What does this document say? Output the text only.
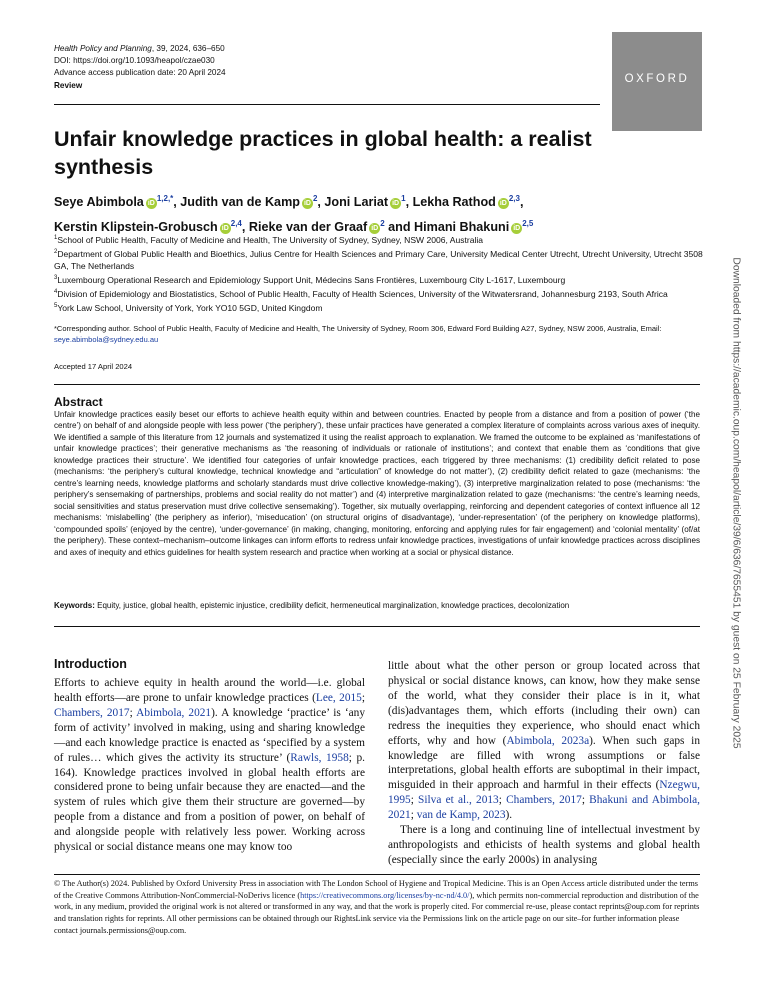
Health Policy and Planning, 39, 2024, 636–650
DOI: https://doi.org/10.1093/heapol/czae030
Advance access publication date: 20 April 2024
Review
OXFORD
Unfair knowledge practices in global health: a realist synthesis
Seye Abimbola $iD^{1,2,*}$, Judith van de Kamp $iD^2$, Joni Lariat $iD^1$, Lekha Rathod iD$^{2,3}$,
Kerstin Klipstein-Grobusch iD$^{2,4}$, Rieke van der Graaf $iD^2$ and Himani Bhakuni iD$^{2,5}$
$^1$School of Public Health, Faculty of Medicine and Health, The University of Sydney, Sydney, NSW 2006, Australia
$^2$Department of Global Public Health and Bioethics, Julius Centre for Health Sciences and Primary Care, University Medical Center Utrecht, Utrecht University, Utrecht 3508 GA, The Netherlands
$^3$Luxembourg Operational Research and Epidemiology Support Unit, Médecins Sans Frontières, Luxembourg City L-1617, Luxembourg
$^4$Division of Epidemiology and Biostatistics, School of Public Health, Faculty of Health Sciences, University of the Witwatersrand, Johannesburg 2193, South Africa
$^5$York Law School, University of York, York YO10 5GD, United Kingdom
*Corresponding author. School of Public Health, Faculty of Medicine and Health, The University of Sydney, Room 306, Edward Ford Building A27, Sydney, NSW 2006, Australia, Email: seye.abimbola@sydney.edu.au
Accepted 17 April 2024
Abstract
Unfair knowledge practices easily beset our efforts to achieve health equity within and between countries. Enacted by people from a distance and from a position of power (‘the centre’) on behalf of and alongside people with less power (‘the periphery’), these unfair practices have generated a complex literature of complaints across various axes of inequity. We identified a sample of this literature from 12 journals and systematized it using the realist approach to explanation. We framed the outcome to be explained as ‘manifestations of unfair knowledge practices’; their generative mechanisms as ‘the reasoning of individuals or rationale of institutions’; and context that enable them as ‘conditions that give knowledge practices their structure’. We identified four categories of unfair knowledge practices, each triggered by three mechanisms: (1) credibility deficit related to pose (mechanisms: ‘the periphery’s cultural knowledge, technical knowledge and “articulation” of knowledge do not matter’), (2) credibility deficit related to gaze (mechanisms: ‘the centre’s learning needs, knowledge platforms and scholarly standards must drive collective knowledge-making’), (3) interpretive marginalization related to pose (mechanisms: ‘the periphery’s sensemaking of partnerships, problems and social reality do not matter’) and (4) interpretive marginalization related to gaze (mechanisms: ‘the centre’s learning needs, social sensitivities and status preservation must drive collective sensemaking’). Together, six mutually overlapping, reinforcing and dependent categories of context influence all 12 mechanisms: ‘mislabelling’ (the periphery as inferior), ‘miseducation’ (on structural origins of disadvantage), ‘under-representation’ (of the periphery on knowledge platforms), ‘compounded spoils’ (enjoyed by the centre), ‘under-governance’ (in making, changing, monitoring, enforcing and applying rules for fair engagement) and ‘colonial mentality’ (of/at the periphery). These context–mechanism–outcome linkages can inform efforts to redress unfair knowledge practices, investigations of unfair knowledge practices across disciplines and axes of inequity and ethics guidelines for health system research and practice when working at a social or physical distance.
Keywords: Equity, justice, global health, epistemic injustice, credibility deficit, hermeneutical marginalization, knowledge practices, decolonization
Introduction
Efforts to achieve equity in health around the world—i.e. global health efforts—are prone to unfair knowledge practices (Lee, 2015; Chambers, 2017; Abimbola, 2021). A knowledge ‘practice’ is ‘any form of activity’ involved in making, using and sharing knowledge—and each knowledge practice is enacted as ‘specified by a system of rules… which gives the activity its structure’ (Rawls, 1958; p. 164). Knowledge practices involved in global health efforts are considered prone to being unfair because they are enacted—and the system of rules which give them their structure are governed—by people from a distance and from a position of power, on behalf of and alongside people with relatively less power. Working across physical or social distance means one may know too
little about what the other person or group located across that physical or social distance knows, can know, how they make sense of the world, what they consider their place is in it, what (dis)advantages them, which efforts (including their own) can redress the inequities they experience, who should enact which efforts, why and how (Abimbola, 2023a). When such gaps in knowledge are filled with wrong assumptions or false interpretations, global health efforts are suboptimal in their impact, misguided in their approach and harmful in their effects (Nzegwu, 1995; Silva et al., 2013; Chambers, 2017; Bhakuni and Abimbola, 2021; van de Kamp, 2023).
There is a long and continuing line of intellectual investment by anthropologists and ethicists of health systems and global health (especially since the early 2000s) in analysing
© The Author(s) 2024. Published by Oxford University Press in association with The London School of Hygiene and Tropical Medicine. This is an Open Access article distributed under the terms of the Creative Commons Attribution-NonCommercial-NoDerivs licence (https://creativecommons.org/licenses/by-nc-nd/4.0/), which permits non-commercial reproduction and distribution of the work, in any medium, provided the original work is not altered or transformed in any way, and that the work is properly cited. For commercial re-use, please contact reprints@oup.com for reprints and translation rights for reprints. All other permissions can be obtained through our RightsLink service via the Permissions link on the article page on our site–for further information please contact journals.permissions@oup.com.
Downloaded from https://academic.oup.com/heapol/article/39/6/636/7655451 by guest on 25 February 2025
